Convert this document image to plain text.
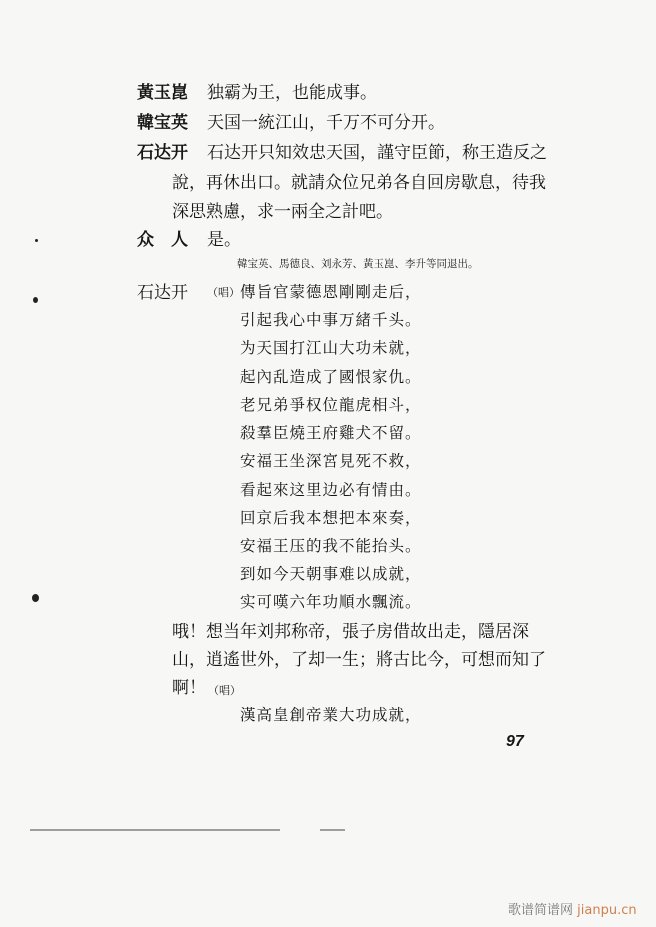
黃玉崑 独霸为王，也能成事。
韓宝英 天国一統江山，千万不可分开。
石达开 石达开只知效忠天国，謹守臣節，称王造反之
說，再休出口。就請众位兄弟各自回房歇息，待我
深思熟慮，求一兩全之計吧。
众　人 是。
韓宝英、馬德良、刘永芳、黃玉崑、李升等同退出。
石达开 （唱） 傳旨官蒙德恩剛剛走后，
引起我心中事万緒千头。
为天国打江山大功未就，
起內乱造成了國恨家仇。
老兄弟爭权位龍虎相斗，
殺羣臣燒王府雞犬不留。
安福王坐深宮見死不救，
看起來这里边必有情由。
回京后我本想把本來奏，
安福王压的我不能抬头。
到如今天朝事难以成就，
实可嘆六年功順水飄流。
哦！想当年刘邦称帝，張子房借故出走，隱居深
山，逍遙世外，了却一生；將古比今，可想而知了
啊！ （唱）
漢高皇創帝業大功成就，
97
歌谱简谱网 jianpu.cn
